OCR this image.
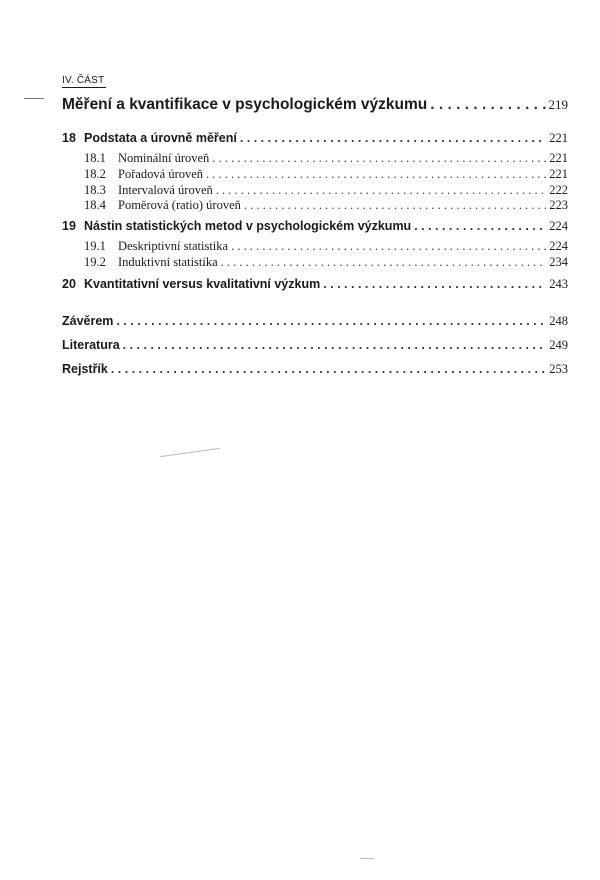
IV. ČÁST
Měření a kvantifikace v psychologickém výzkumu . . .	219
18 Podstata a úrovně měření . . .	221
18.1 Nominální úroveň . . .	221
18.2 Pořadová úroveň . . .	221
18.3 Intervalová úroveň . . .	222
18.4 Poměrová (ratio) úroveň . . .	223
19 Nástin statistických metod v psychologickém výzkumu . . .	224
19.1 Deskriptivní statistika . . .	224
19.2 Induktivní statistika . . .	234
20 Kvantitativní versus kvalitativní výzkum . . .	243
Závěrem . . .	248
Literatura . . .	249
Rejstřík . . .	253
